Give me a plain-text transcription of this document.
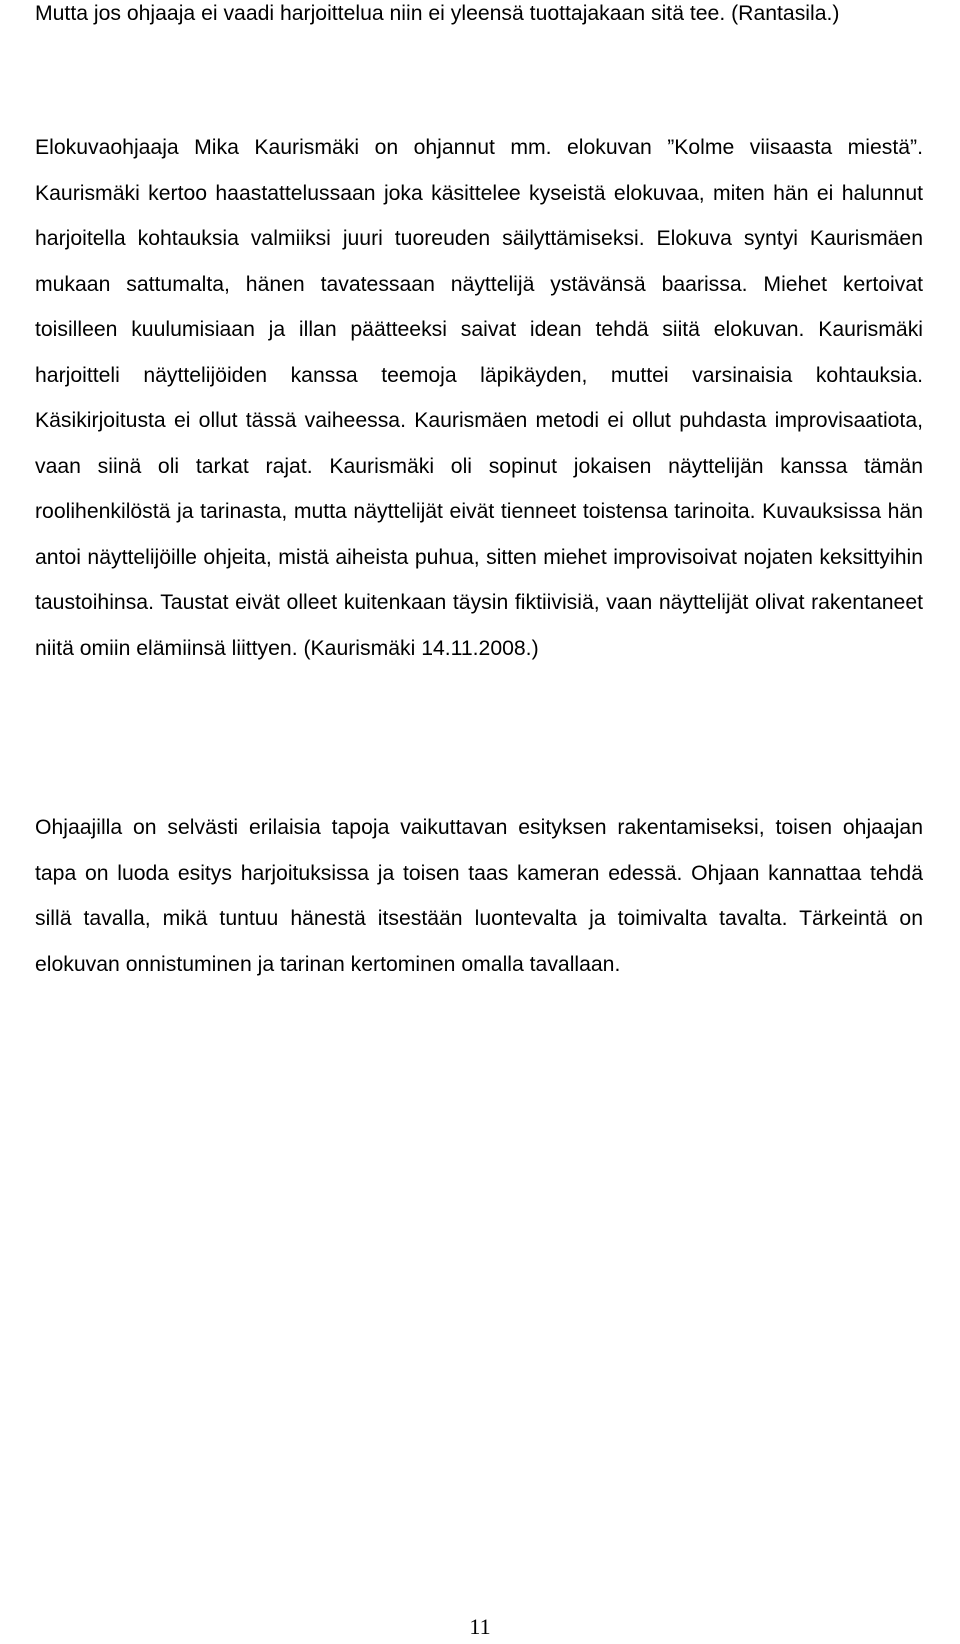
Mutta jos ohjaaja ei vaadi harjoittelua niin ei yleensä tuottajakaan sitä tee. (Rantasila.)

Elokuvaohjaaja Mika Kaurismäki on ohjannut mm. elokuvan ”Kolme viisaasta miestä”. Kaurismäki kertoo haastattelussaan joka käsittelee kyseistä elokuvaa, miten hän ei halunnut harjoitella kohtauksia valmiiksi juuri tuoreuden säilyttämiseksi. Elokuva syntyi Kaurismäen mukaan sattumalta, hänen tavatessaan näyttelijä ystävänsä baarissa. Miehet kertoivat toisilleen kuulumisiaan ja illan päätteeksi saivat idean tehdä siitä elokuvan. Kaurismäki harjoitteli näyttelijöiden kanssa teemoja läpikäyden, muttei varsinaisia kohtauksia. Käsikirjoitusta ei ollut tässä vaiheessa. Kaurismäen metodi ei ollut puhdasta improvisaatiota, vaan siinä oli tarkat rajat. Kaurismäki oli sopinut jokaisen näyttelijän kanssa tämän roolihenkilöstä ja tarinasta, mutta näyttelijät eivät tienneet toistensa tarinoita. Kuvauksissa hän antoi näyttelijöille ohjeita, mistä aiheista puhua, sitten miehet improvisoivat nojaten keksittyihin taustoihinsa. Taustat eivät olleet kuitenkaan täysin fiktiivisiä, vaan näyttelijät olivat rakentaneet niitä omiin elämiinsä liittyen. (Kaurismäki 14.11.2008.)

Ohjaajilla on selvästi erilaisia tapoja vaikuttavan esityksen rakentamiseksi, toisen ohjaajan tapa on luoda esitys harjoituksissa ja toisen taas kameran edessä. Ohjaan kannattaa tehdä sillä tavalla, mikä tuntuu hänestä itsestään luontevalta ja toimivalta tavalta. Tärkeintä on elokuvan onnistuminen ja tarinan kertominen omalla tavallaan.

11
